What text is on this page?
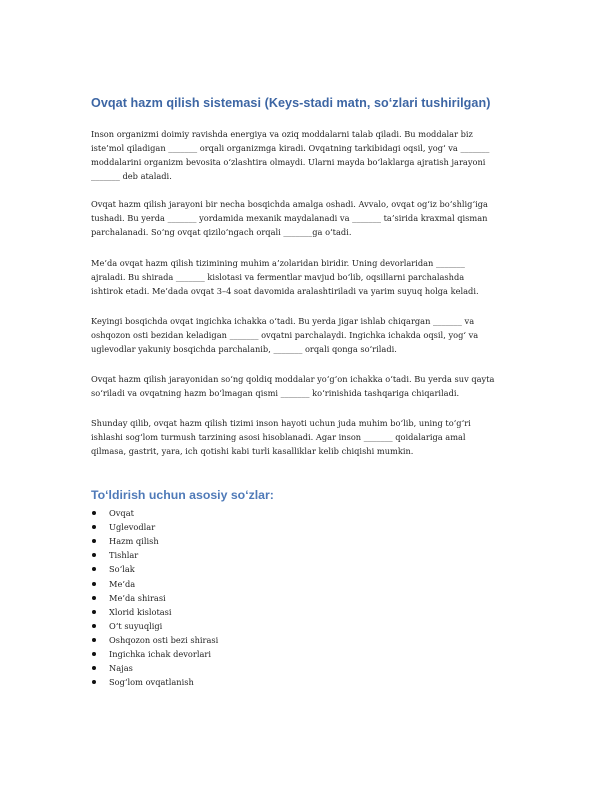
Ovqat hazm qilish sistemasi (Keys-stadi matn, so‘zlari tushirilgan)

Inson organizmi doimiy ravishda energiya va oziq moddalarni talab qiladi. Bu moddalar biz
iste’mol qiladigan _______ orqali organizmga kiradi. Ovqatning tarkibidagi oqsil, yog‘ va _______
moddalarini organizm bevosita o‘zlashtira olmaydi. Ularni mayda bo‘laklarga ajratish jarayoni
_______ deb ataladi.

Ovqat hazm qilish jarayoni bir necha bosqichda amalga oshadi. Avvalo, ovqat og‘iz bo‘shlig‘iga
tushadi. Bu yerda _______ yordamida mexanik maydalanadi va _______ ta’sirida kraxmal qisman
parchalanadi. So‘ng ovqat qizilo‘ngach orqali _______ga o‘tadi.

Me’da ovqat hazm qilish tizimining muhim a’zolaridan biridir. Uning devorlaridan _______
ajraladi. Bu shirada _______ kislotasi va fermentlar mavjud bo‘lib, oqsillarni parchalashda
ishtirok etadi. Me’dada ovqat 3–4 soat davomida aralashtiriladi va yarim suyuq holga keladi.

Keyingi bosqichda ovqat ingichka ichakka o‘tadi. Bu yerda jigar ishlab chiqargan _______ va
oshqozon osti bezidan keladigan _______ ovqatni parchalaydi. Ingichka ichakda oqsil, yog‘ va
uglevodlar yakuniy bosqichda parchalanib, _______ orqali qonga so‘riladi.

Ovqat hazm qilish jarayonidan so‘ng qoldiq moddalar yo‘g‘on ichakka o‘tadi. Bu yerda suv qayta
so‘riladi va ovqatning hazm bo‘lmagan qismi _______ ko‘rinishida tashqariga chiqariladi.

Shunday qilib, ovqat hazm qilish tizimi inson hayoti uchun juda muhim bo‘lib, uning to‘g‘ri
ishlashi sog‘lom turmush tarzining asosi hisoblanadi. Agar inson _______ qoidalariga amal
qilmasa, gastrit, yara, ich qotishi kabi turli kasalliklar kelib chiqishi mumkin.

To‘ldirish uchun asosiy so‘zlar:
Ovqat
Uglevodlar
Hazm qilish
Tishlar
So‘lak
Me’da
Me’da shirasi
Xlorid kislotasi
O‘t suyuqligi
Oshqozon osti bezi shirasi
Ingichka ichak devorlari
Najas
Sog‘lom ovqatlanish
